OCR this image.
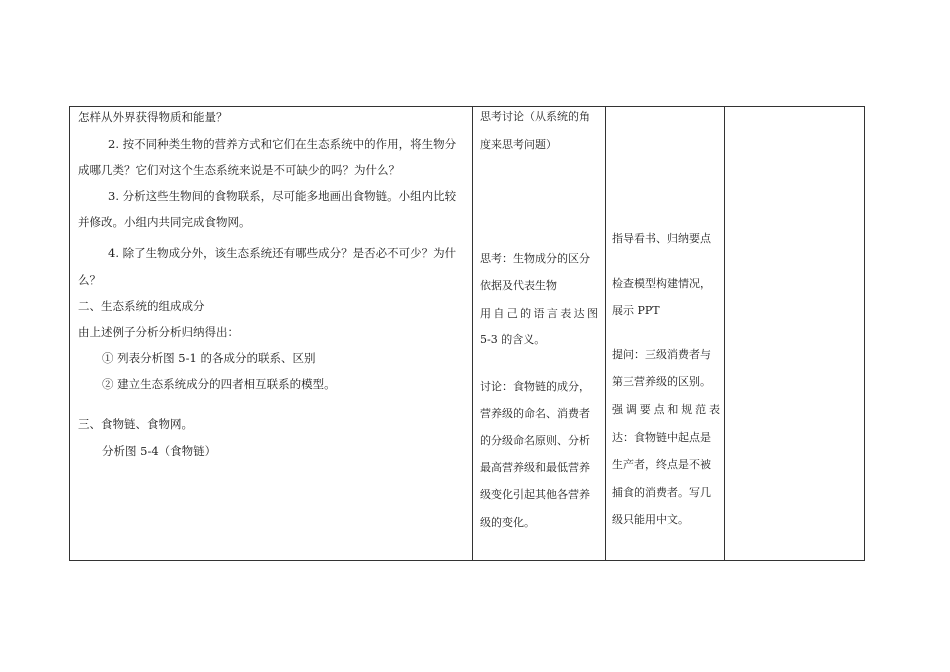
怎样从外界获得物质和能量？
2. 按不同种类生物的营养方式和它们在生态系统中的作用，将生物分
成哪几类？它们对这个生态系统来说是不可缺少的吗？为什么？
3. 分析这些生物间的食物联系，尽可能多地画出食物链。小组内比较
并修改。小组内共同完成食物网。
4. 除了生物成分外，该生态系统还有哪些成分？是否必不可少？为什
么？
二、生态系统的组成成分
由上述例子分析分析归纳得出：
① 列表分析图 5-1 的各成分的联系、区别
② 建立生态系统成分的四者相互联系的模型。
三、食物链、食物网。
分析图 5-4（食物链）
思考讨论（从系统的角
度来思考问题）
思考：生物成分的区分
依据及代表生物
用自己的语言表达图
5-3 的含义。
讨论：食物链的成分，
营养级的命名、消费者
的分级命名原则、分析
最高营养级和最低营养
级变化引起其他各营养
级的变化。
指导看书、归纳要点
检查模型构建情况，
展示 PPT
提问：三级消费者与
第三营养级的区别。
强调要点和规范表
达：食物链中起点是
生产者，终点是不被
捕食的消费者。写几
级只能用中文。
